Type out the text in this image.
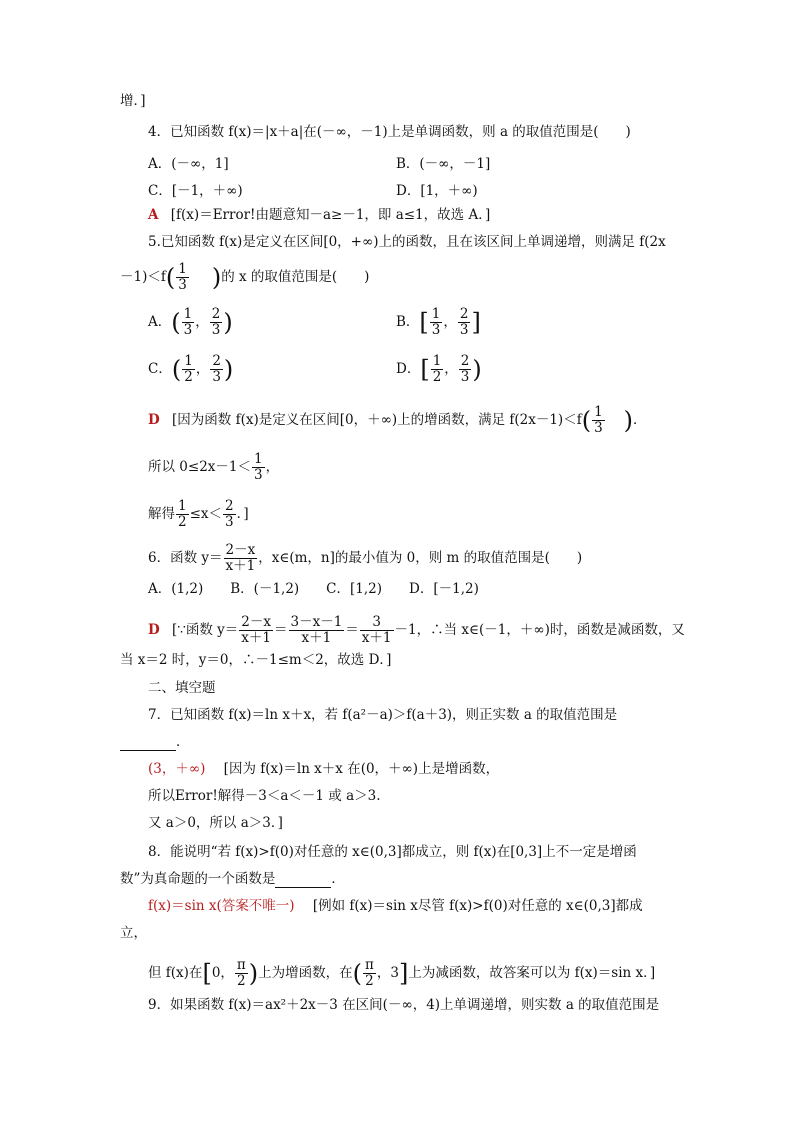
增．]
4．已知函数 f(x)＝|x＋a|在(－∞，－1)上是单调函数，则 a 的取值范围是(　　)
A．(－∞，1]	B．(－∞，－1]
C．[－1，＋∞)	D．[1，＋∞)
A [f(x)＝Error!由题意知－a≥－1，即 a≤1，故选 A．]
5.已知函数 f(x)是定义在区间[0，+∞)上的函数，且在该区间上单调递增，则满足 f(2x
$-1)<f( \frac{1}{3}$ )的 x 的取值范围是(　　)
A．( $\frac{1}{3}$ ， $\frac{2}{3}$ )	B．[ $\frac{1}{3}$ ， $\frac{2}{3}$ ]
C．( $\frac{1}{2}$ ， $\frac{2}{3}$ )	D．[ $\frac{1}{2}$ ， $\frac{2}{3}$ )
D [因为函数 f(x)是定义在区间[0，＋∞)上的增函数，满足 $f(2x-1)<f( \frac{1}{3}$ )．
所以 $0\le 2x-1< \frac{1}{3}$ ，
解得 $\frac{1}{2} \le x< \frac{2}{3}$ ．]
6．函数 $y= \frac{2-x}{x+1}$ ，x∈(m，n]的最小值为 0，则 m 的取值范围是(　　)
A．(1,2)　　B．(－1,2)　　C．[1,2)　　D．[－1,2)
D [∵函数 $y= \frac{2-x}{x+1} = \frac{3-x-1}{x+1} = \frac{3}{x+1} -1$，∴当 x∈(－1，＋∞)时，函数是减函数，又
当 x＝2 时，y＝0，∴－1≤m＜2，故选 D．]
二、填空题
7．已知函数 f(x)＝ln x＋x，若 f(a²－a)＞f(a＋3)，则正实数 a 的取值范围是
．
(3，＋∞) [因为 f(x)＝ln x＋x 在(0，＋∞)上是增函数，
所以Error!解得－3＜a＜－1 或 a＞3.
又 a＞0，所以 a＞3．]
8．能说明“若 f(x)>f(0)对任意的 x∈(0,3]都成立，则 f(x)在[0,3]上不一定是增函
数”为真命题的一个函数是	．
f(x)＝sin x(答案不唯一) [例如 f(x)＝sin x尽管 f(x)>f(0)对任意的 x∈(0,3]都成
立，
但 f(x)在[0， $\frac{\pi}{2}$ )上为增函数，在( $\frac{\pi}{2}$ ，3]上为减函数，故答案可以为 f(x)＝sin x．]
9．如果函数 f(x)＝ax²＋2x－3 在区间(－∞，4)上单调递增，则实数 a 的取值范围是
